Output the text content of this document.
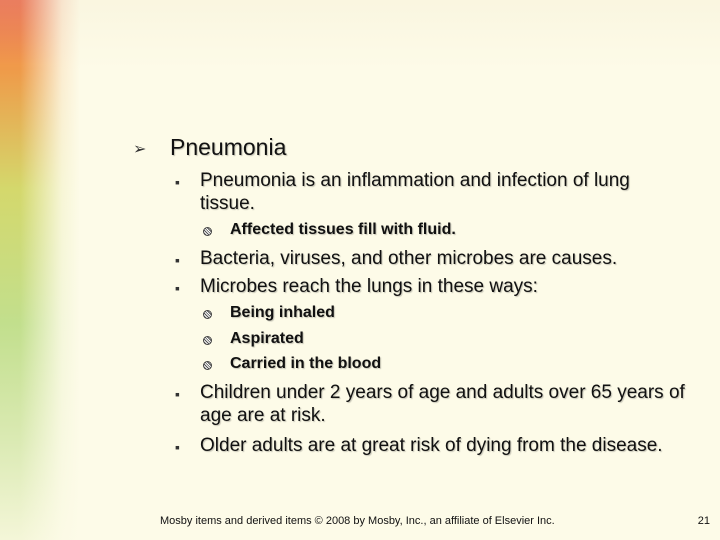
➢ Pneumonia
▪ Pneumonia is an inflammation and infection of lung tissue.
Affected tissues fill with fluid.
▪ Bacteria, viruses, and other microbes are causes.
▪ Microbes reach the lungs in these ways:
Being inhaled
Aspirated
Carried in the blood
▪ Children under 2 years of age and adults over 65 years of age are at risk.
▪ Older adults are at great risk of dying from the disease.
Mosby items and derived items © 2008 by Mosby, Inc., an affiliate of Elsevier Inc.	21
